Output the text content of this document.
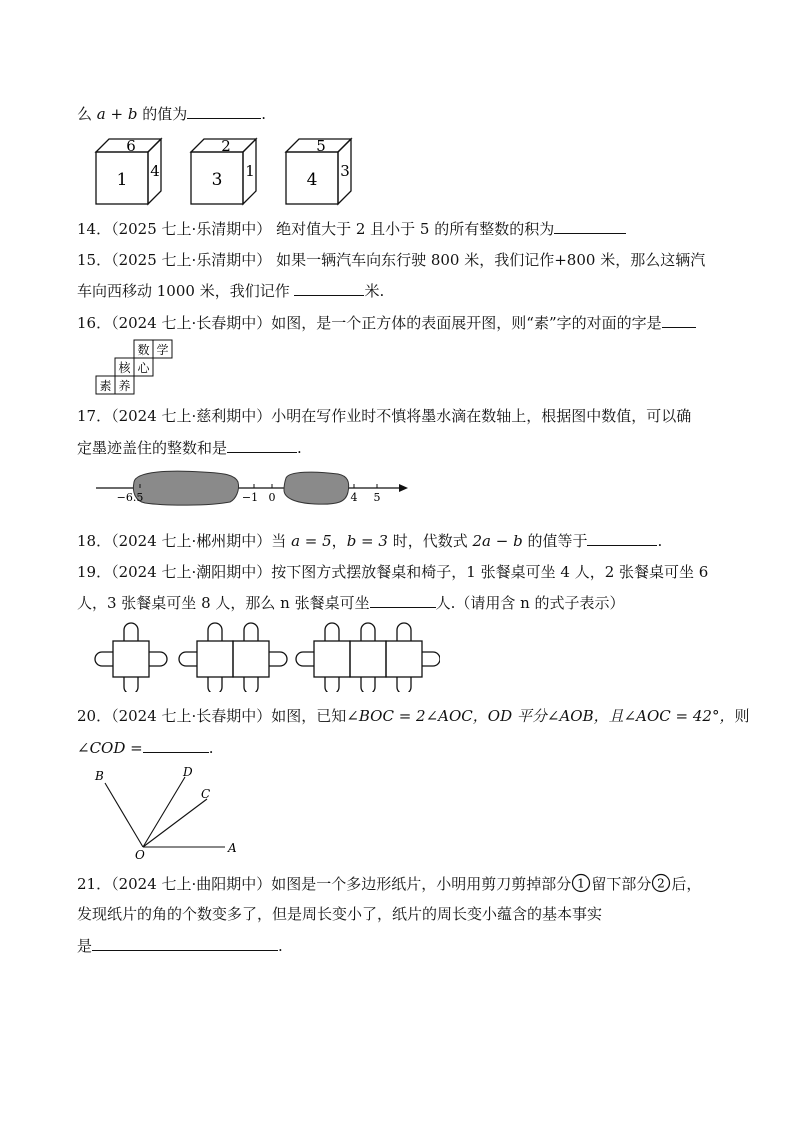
么 a + b 的值为	.
6
1 4
2
3 1
5
4 3
14．（2025 七上·乐清期中） 绝对值大于 2 且小于 5 的所有整数的积为
15．（2025 七上·乐清期中） 如果一辆汽车向东行驶 800 米，我们记作+800 米，那么这辆汽
车向西移动 1000 米，我们记作	米.
16．（2024 七上·长春期中）如图，是一个正方体的表面展开图，则“素”字的对面的字是
数 学
核 心
素 养
17．（2024 七上·慈利期中）小明在写作业时不慎将墨水滴在数轴上，根据图中数值，可以确
定墨迹盖住的整数和是	.
−6.5	−1 0	4 5
18．（2024 七上·郴州期中）当 a = 5，b = 3 时，代数式 2a − b 的值等于	.
19．（2024 七上·潮阳期中）按下图方式摆放餐桌和椅子，1 张餐桌可坐 4 人，2 张餐桌可坐 6
人，3 张餐桌可坐 8 人，那么 n 张餐桌可坐	人.（请用含 n 的式子表示）
20．（2024 七上·长春期中）如图，已知∠BOC = 2∠AOC，OD 平分∠AOB，且∠AOC = 42°，则
∠COD =	.
B	D
C
O	A
21．（2024 七上·曲阳期中）如图是一个多边形纸片，小明用剪刀剪掉部分 1 留下部分 2 后，
发现纸片的角的个数变多了，但是周长变小了，纸片的周长变小蕴含的基本事实
是	.
